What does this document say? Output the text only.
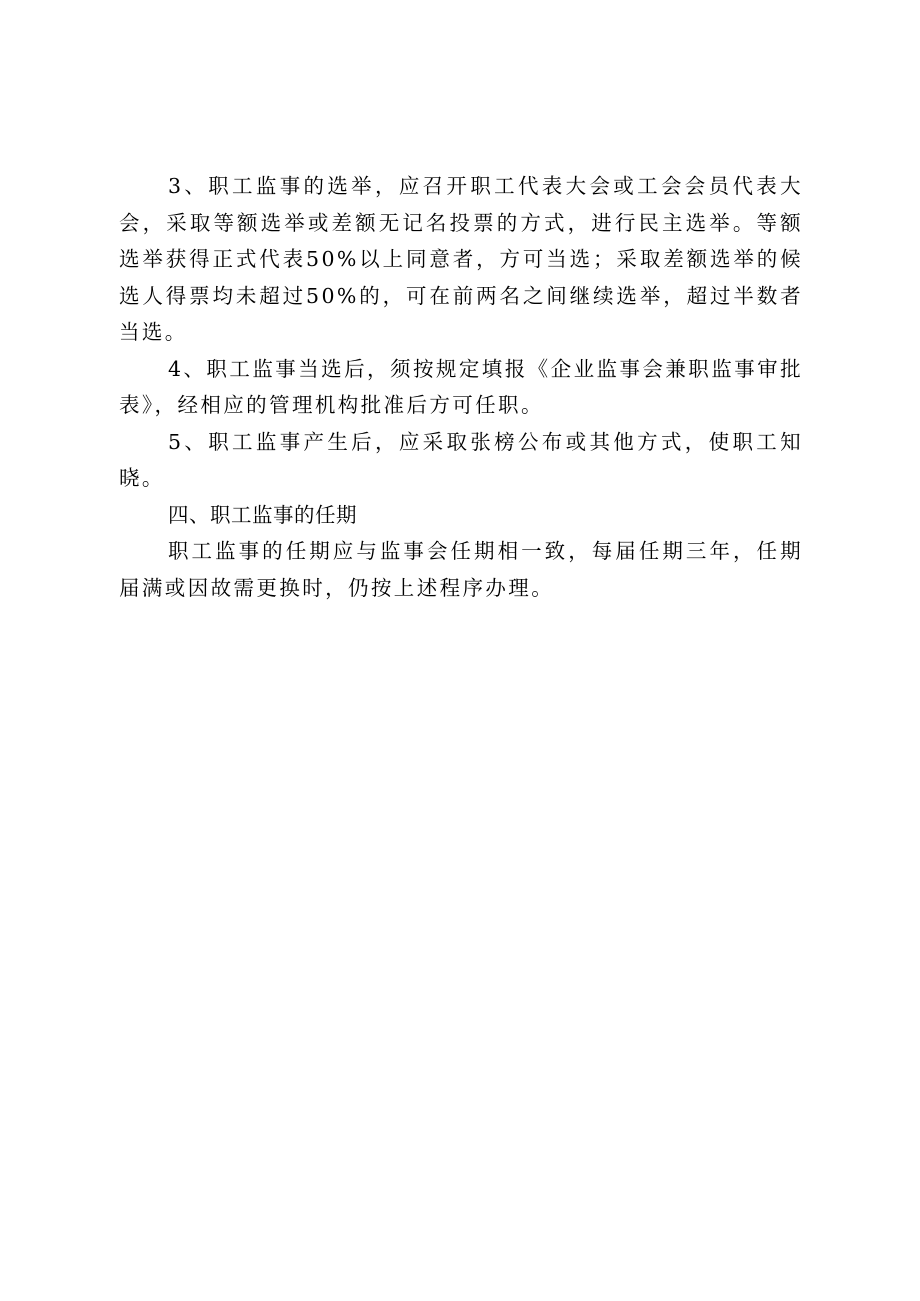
3、职工监事的选举，应召开职工代表大会或工会会员代表大会，采取等额选举或差额无记名投票的方式，进行民主选举。等额选举获得正式代表50%以上同意者，方可当选；采取差额选举的候选人得票均未超过50%的，可在前两名之间继续选举，超过半数者当选。

4、职工监事当选后，须按规定填报《企业监事会兼职监事审批表》，经相应的管理机构批准后方可任职。

5、职工监事产生后，应采取张榜公布或其他方式，使职工知晓。

四、职工监事的任期

职工监事的任期应与监事会任期相一致，每届任期三年，任期届满或因故需更换时，仍按上述程序办理。
